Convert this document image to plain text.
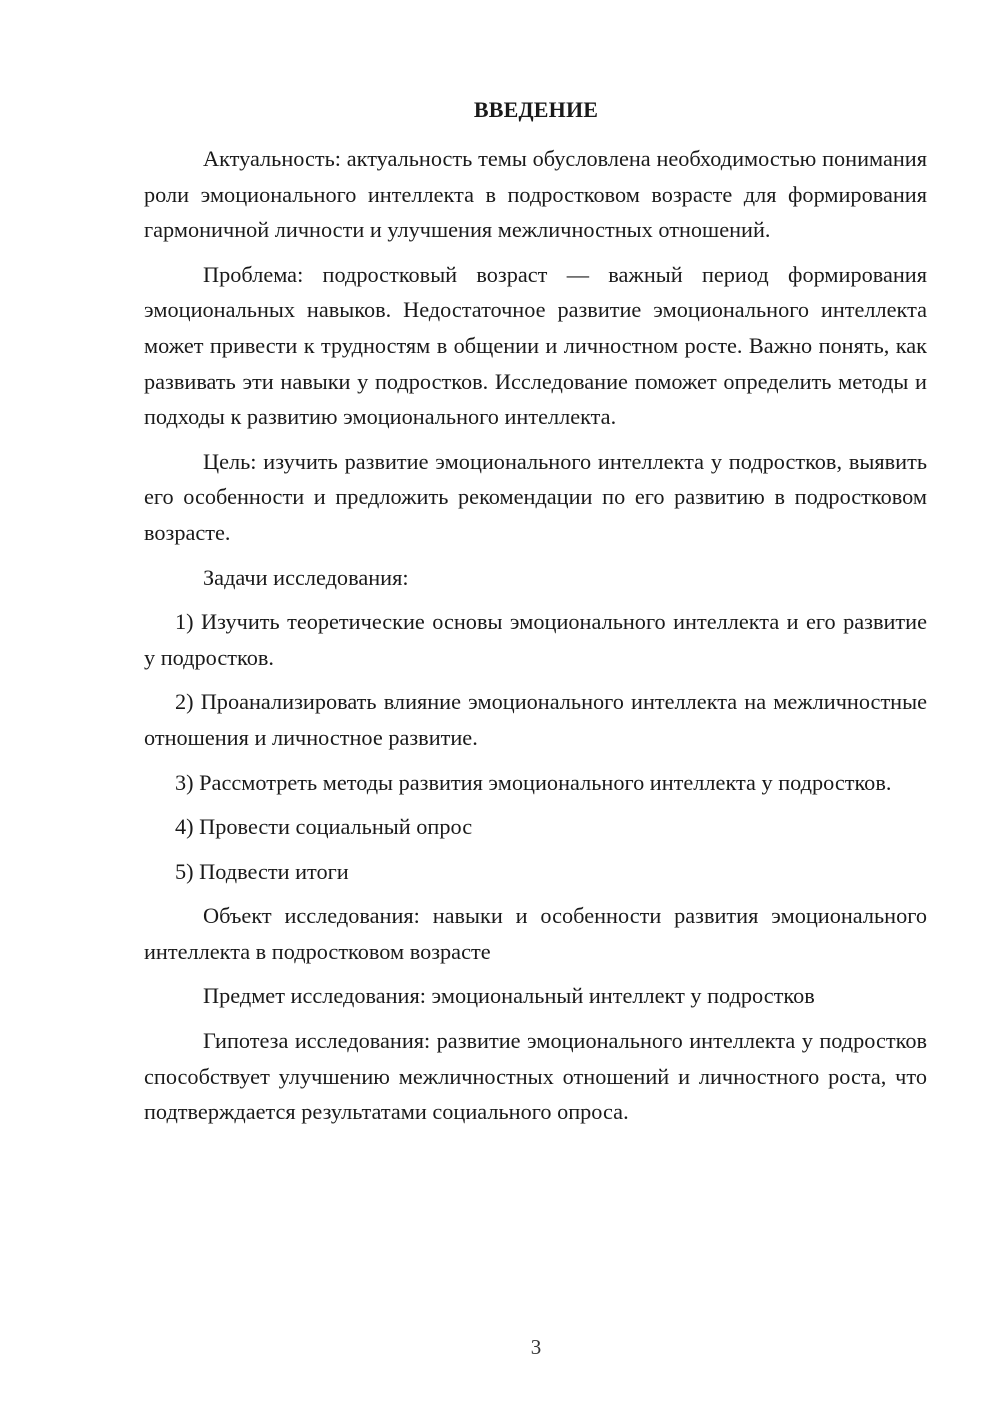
ВВЕДЕНИЕ

Актуальность: актуальность темы обусловлена необходимостью понимания роли эмоционального интеллекта в подростковом возрасте для формирования гармоничной личности и улучшения межличностных отношений.

Проблема: подростковый возраст — важный период формирования эмоциональных навыков. Недостаточное развитие эмоционального интеллекта может привести к трудностям в общении и личностном росте. Важно понять, как развивать эти навыки у подростков. Исследование поможет определить методы и подходы к развитию эмоционального интеллекта.

Цель: изучить развитие эмоционального интеллекта у подростков, выявить его особенности и предложить рекомендации по его развитию в подростковом возрасте.

Задачи исследования:

1) Изучить теоретические основы эмоционального интеллекта и его развитие у подростков.

2) Проанализировать влияние эмоционального интеллекта на межличностные отношения и личностное развитие.

3) Рассмотреть методы развития эмоционального интеллекта у подростков.

4) Провести социальный опрос

5) Подвести итоги

Объект исследования: навыки и особенности развития эмоционального интеллекта в подростковом возрасте

Предмет исследования: эмоциональный интеллект у подростков

Гипотеза исследования: развитие эмоционального интеллекта у подростков способствует улучшению межличностных отношений и личностного роста, что подтверждается результатами социального опроса.

3
